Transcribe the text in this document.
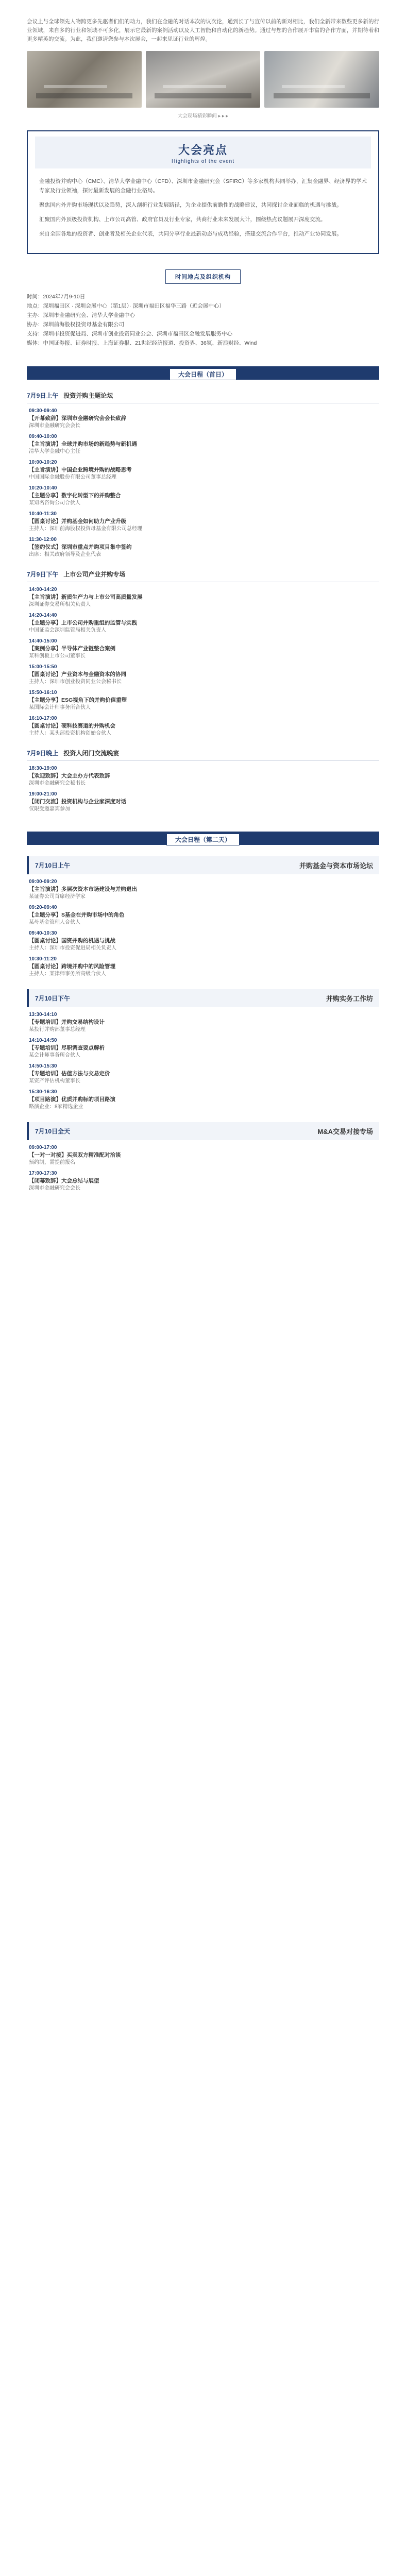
会议上与全球领先人物跨更多先驱者们们的动力，我们在金融的对话本次的议次论，通到长了与宣传以前的新对相比，我们全新带来数些更多新的行业领域，来自多的行业和领域不可多化，展示它最新的案例活动以及人工智能和自动化的新趋势。通过与您的合作展开丰富的合作方面，并期待着和更多精英的交流。为此，我们邀请您参与本次展会，一起来见证行业的辉煌。
大会现场精彩瞬间 ▸ ▸ ▸
大会亮点
Highlights of the event

金融投资并购中心（CMC）、清华大学金融中心（CFD）、深圳市金融研究会（SFIRC）等多家机构共同举办，汇集金融界、经济界的学术专家及行业领袖，探讨最新发展的金融行业格局。

聚焦国内外并购市场现状以及趋势，深入剖析行业发展路径，为企业提供前瞻性的战略建议，共同探讨企业面临的机遇与挑战。

汇聚国内外顶级投资机构、上市公司高管、政府官员及行业专家，共商行业未来发展大计，围绕热点议题展开深度交流。

来自全国各地的投资者、创业者及相关企业代表，共同分享行业最新动态与成功经验，搭建交流合作平台，推动产业协同发展。

时间地点及组织机构
时间：2024年7月9-10日
地点：深圳福田区 · 深圳会展中心（第1层）· 深圳市福田区福华三路（近会展中心）
主办：深圳市金融研究会、清华大学金融中心
协办：深圳前海股权投资母基金有限公司
支持：深圳市投资促进局、深圳市创业投资同业公会、深圳市福田区金融发展服务中心
媒体：中国证券报、证券时报、上海证券报、21世纪经济报道、投资界、36氪、新浪财经、Wind
大会日程（首日）
7月9日上午 投资并购主题论坛
09:30-09:40
【开幕致辞】深圳市金融研究会会长致辞
深圳市金融研究会会长
09:40-10:00
【主旨演讲】全球并购市场的新趋势与新机遇
清华大学金融中心主任
10:00-10:20
【主旨演讲】中国企业跨境并购的战略思考
中国国际金融股份有限公司董事总经理
10:20-10:40
【主题分享】数字化转型下的并购整合
某知名咨询公司合伙人
10:40-11:30
【圆桌讨论】并购基金如何助力产业升级
主持人：深圳前海股权投资母基金有限公司总经理
11:30-12:00
【签约仪式】深圳市重点并购项目集中签约
出席：相关政府领导及企业代表
7月9日下午 上市公司产业并购专场
14:00-14:20
【主旨演讲】新质生产力与上市公司高质量发展
深圳证券交易所相关负责人
14:20-14:40
【主题分享】上市公司并购重组的监管与实践
中国证监会深圳监管局相关负责人
14:40-15:00
【案例分享】半导体产业链整合案例
某科创板上市公司董事长
15:00-15:50
【圆桌讨论】产业资本与金融资本的协同
主持人：深圳市创业投资同业公会秘书长
15:50-16:10
【主题分享】ESG视角下的并购价值重塑
某国际会计师事务所合伙人
16:10-17:00
【圆桌讨论】硬科技赛道的并购机会
主持人：某头部投资机构创始合伙人
7月9日晚上 投资人闭门交流晚宴
18:30-19:00
【欢迎致辞】大会主办方代表致辞
深圳市金融研究会秘书长
19:00-21:00
【闭门交流】投资机构与企业家深度对话
仅限受邀嘉宾参加
大会日程（第二天）
7月10日上午	并购基金与资本市场论坛
09:00-09:20
【主旨演讲】多层次资本市场建设与并购退出
某证券公司首席经济学家
09:20-09:40
【主题分享】S基金在并购市场中的角色
某母基金管理人合伙人
09:40-10:30
【圆桌讨论】国资并购的机遇与挑战
主持人：深圳市投资促进局相关负责人
10:30-11:20
【圆桌讨论】跨境并购中的风险管理
主持人：某律师事务所高级合伙人
7月10日下午	并购实务工作坊
13:30-14:10
【专题培训】并购交易结构设计
某投行并购部董事总经理
14:10-14:50
【专题培训】尽职调查要点解析
某会计师事务所合伙人
14:50-15:30
【专题培训】估值方法与交易定价
某资产评估机构董事长
15:30-16:30
【项目路演】优质并购标的项目路演
路演企业：8家精选企业
7月10日全天	M&A交易对接专场
09:00-17:00
【一对一对接】买卖双方精准配对洽谈
预约制，需提前报名
17:00-17:30
【闭幕致辞】大会总结与展望
深圳市金融研究会会长
